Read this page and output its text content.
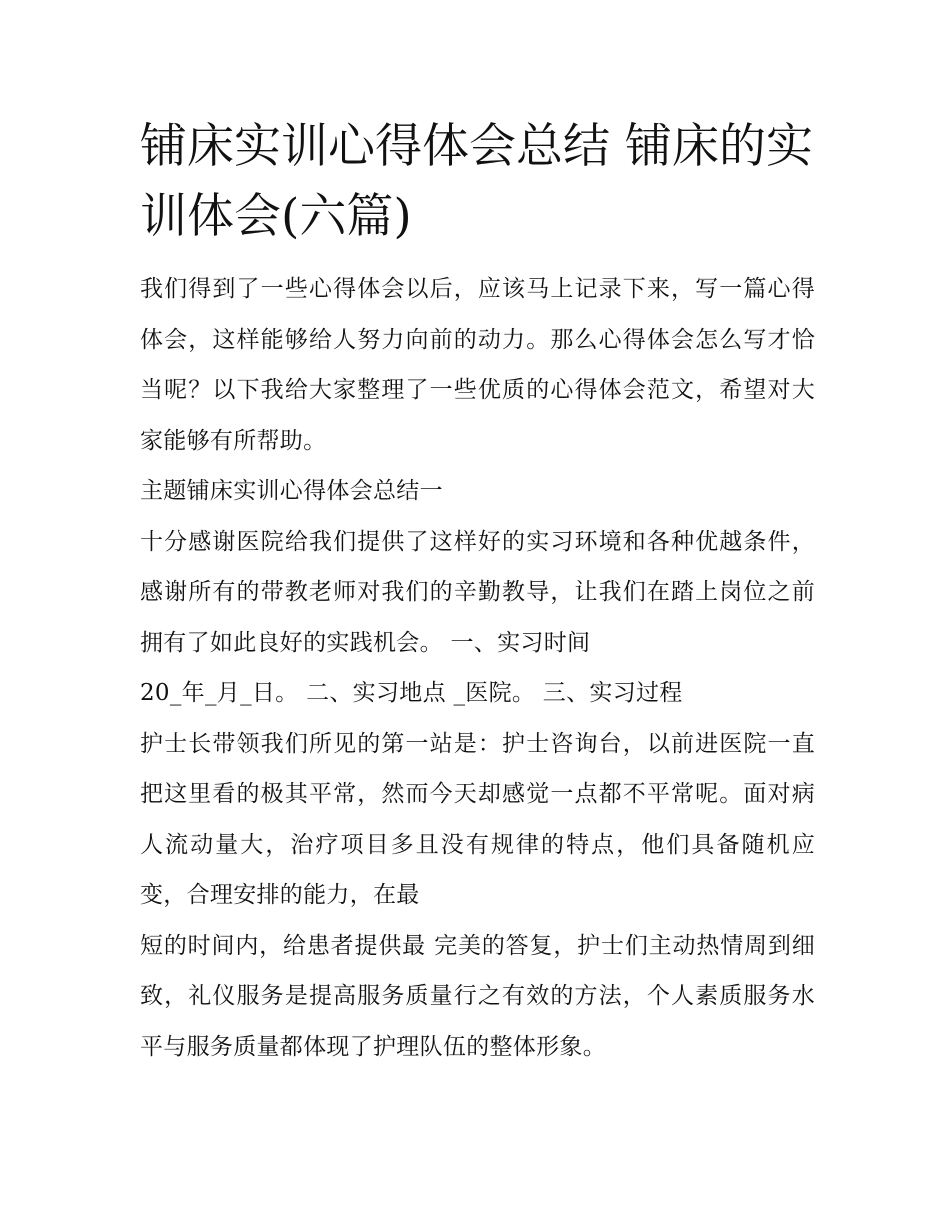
铺床实训心得体会总结 铺床的实训体会(六篇)

我们得到了一些心得体会以后，应该马上记录下来，写一篇心得体会，这样能够给人努力向前的动力。那么心得体会怎么写才恰当呢？以下我给大家整理了一些优质的心得体会范文，希望对大家能够有所帮助。

主题铺床实训心得体会总结一

十分感谢医院给我们提供了这样好的实习环境和各种优越条件，感谢所有的带教老师对我们的辛勤教导，让我们在踏上岗位之前拥有了如此良好的实践机会。 一、实习时间

20_年_月_日。 二、实习地点 _医院。 三、实习过程

护士长带领我们所见的第一站是：护士咨询台，以前进医院一直把这里看的极其平常，然而今天却感觉一点都不平常呢。面对病人流动量大，治疗项目多且没有规律的特点，他们具备随机应变，合理安排的能力，在最

短的时间内，给患者提供最 完美的答复，护士们主动热情周到细致，礼仪服务是提高服务质量行之有效的方法，个人素质服务水平与服务质量都体现了护理队伍的整体形象。
